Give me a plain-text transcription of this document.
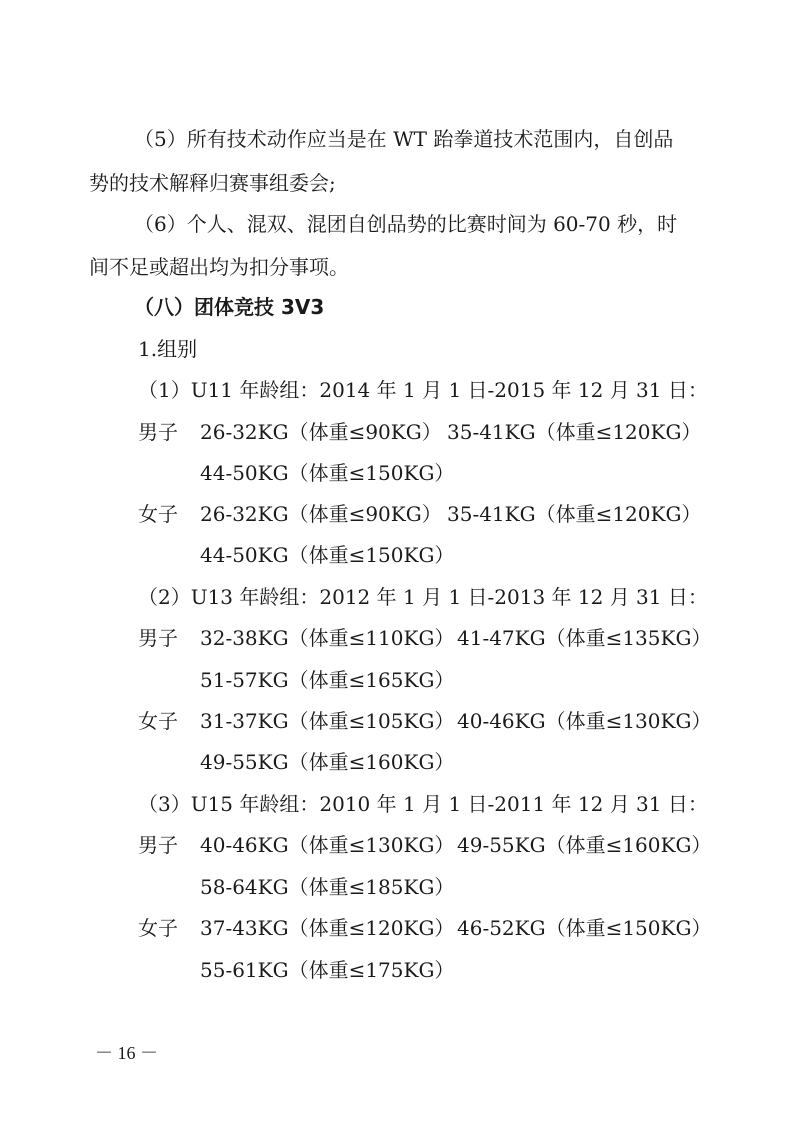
（5）所有技术动作应当是在 WT 跆拳道技术范围内，自创品
势的技术解释归赛事组委会;
（6）个人、混双、混团自创品势的比赛时间为 60-70 秒，时
间不足或超出均为扣分事项。
（八）团体竞技 3V3
1.组别
（1）U11 年龄组：2014 年 1 月 1 日-2015 年 12 月 31 日：
男子 26-32KG（体重≤90KG） 35-41KG（体重≤120KG）
44-50KG（体重≤150KG）
女子 26-32KG（体重≤90KG） 35-41KG（体重≤120KG）
44-50KG（体重≤150KG）
（2）U13 年龄组：2012 年 1 月 1 日-2013 年 12 月 31 日：
男子 32-38KG（体重≤110KG） 41-47KG（体重≤135KG）
51-57KG（体重≤165KG）
女子 31-37KG（体重≤105KG） 40-46KG（体重≤130KG）
49-55KG（体重≤160KG）
（3）U15 年龄组：2010 年 1 月 1 日-2011 年 12 月 31 日：
男子 40-46KG（体重≤130KG） 49-55KG（体重≤160KG）
58-64KG（体重≤185KG）
女子 37-43KG（体重≤120KG） 46-52KG（体重≤150KG）
55-61KG（体重≤175KG）
－ 16 －
